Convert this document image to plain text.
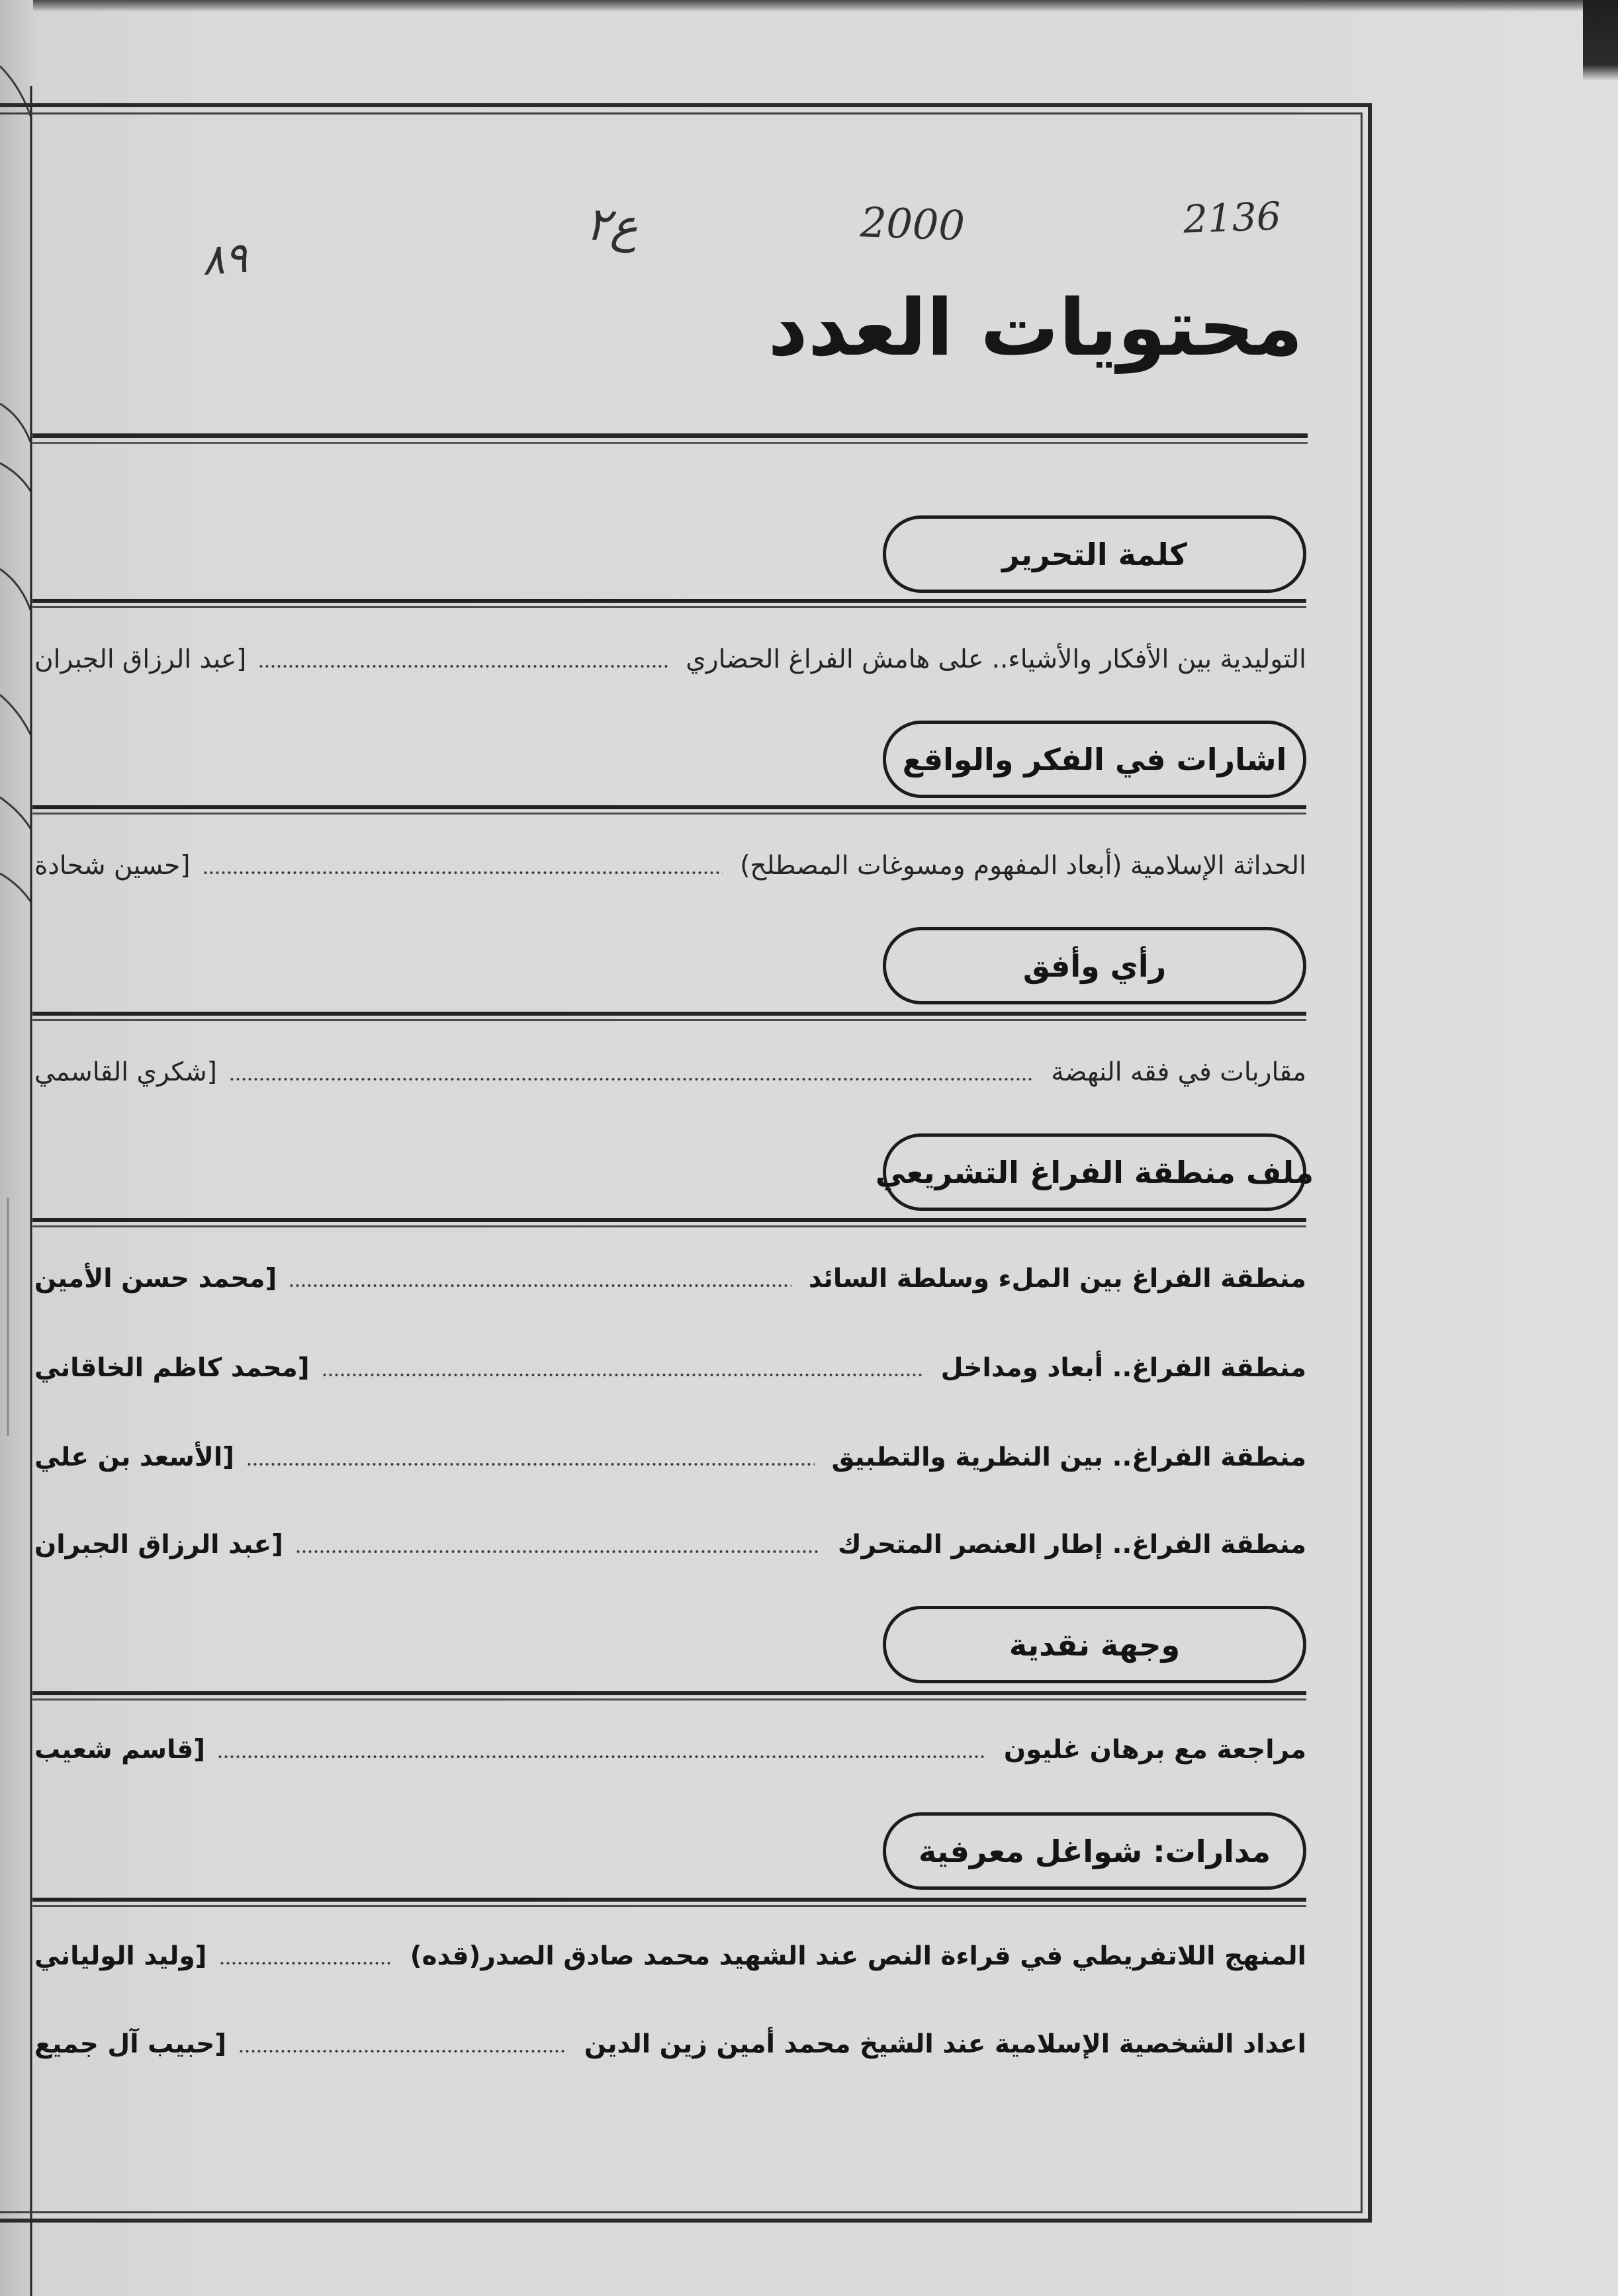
٨٩
ع٢	2000	2136
محتويات العدد
كلمة التحرير
التوليدية بين الأفكار والأشياء.. على هامش الفراغ الحضاري
[عبد الرزاق الجبران
اشارات في الفكر والواقع
الحداثة الإسلامية (أبعاد المفهوم ومسوغات المصطلح)
[حسين شحادة
رأي وأفق
مقاربات في فقه النهضة
[شكري القاسمي
ملف منطقة الفراغ التشريعي
منطقة الفراغ بين الملء وسلطة السائد
[محمد حسن الأمين
منطقة الفراغ.. أبعاد ومداخل
[محمد كاظم الخاقاني
منطقة الفراغ.. بين النظرية والتطبيق
[الأسعد بن علي
منطقة الفراغ.. إطار العنصر المتحرك
[عبد الرزاق الجبران
وجهة نقدية
مراجعة مع برهان غليون
[قاسم شعيب
مدارات: شواغل معرفية
المنهج اللاتفريطي في قراءة النص عند الشهيد محمد صادق الصدر(قده)
[وليد الولياني
اعداد الشخصية الإسلامية عند الشيخ محمد أمين زين الدين
[حبيب آل جميع
